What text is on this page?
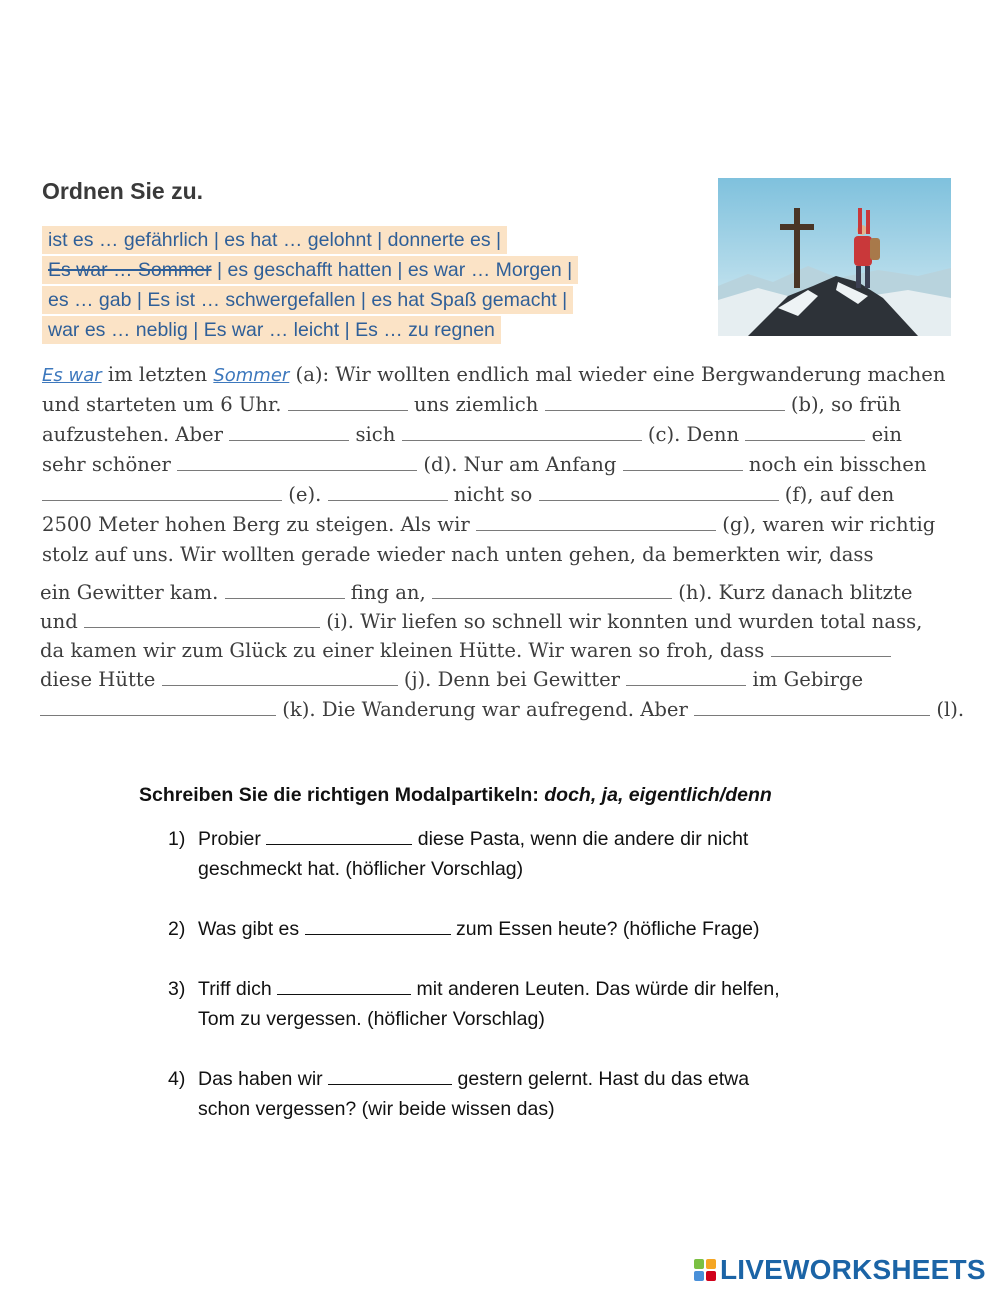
Ordnen Sie zu.
ist es … gefährlich | es hat … gelohnt | donnerte es |
Es war … Sommer | es geschafft hatten | es war … Morgen |
es … gab | Es ist … schwergefallen | es hat Spaß gemacht |
war es … neblig | Es war … leicht | Es … zu regnen
Es war im letzten Sommer (a): Wir wollten endlich mal wieder eine Bergwanderung machen
und starteten um 6 Uhr.	uns ziemlich	(b), so früh
aufzustehen. Aber	sich	(c). Denn	ein
sehr schöner	(d). Nur am Anfang	noch ein bisschen
(e).	nicht so	(f), auf den
2500 Meter hohen Berg zu steigen. Als wir	(g), waren wir richtig
stolz auf uns. Wir wollten gerade wieder nach unten gehen, da bemerkten wir, dass
ein Gewitter kam.	fing an,	(h). Kurz danach blitzte
und	(i). Wir liefen so schnell wir konnten und wurden total nass,
da kamen wir zum Glück zu einer kleinen Hütte. Wir waren so froh, dass
diese Hütte	(j). Denn bei Gewitter	im Gebirge
(k). Die Wanderung war aufregend. Aber	(l).
Schreiben Sie die richtigen Modalpartikeln: doch, ja, eigentlich/denn
1) Probier	diese Pasta, wenn die andere dir nicht
geschmeckt hat. (höflicher Vorschlag)
2) Was gibt es	zum Essen heute? (höfliche Frage)
3) Triff dich	mit anderen Leuten. Das würde dir helfen,
Tom zu vergessen. (höflicher Vorschlag)
4) Das haben wir	gestern gelernt. Hast du das etwa
schon vergessen? (wir beide wissen das)
LIVEWORKSHEETS
